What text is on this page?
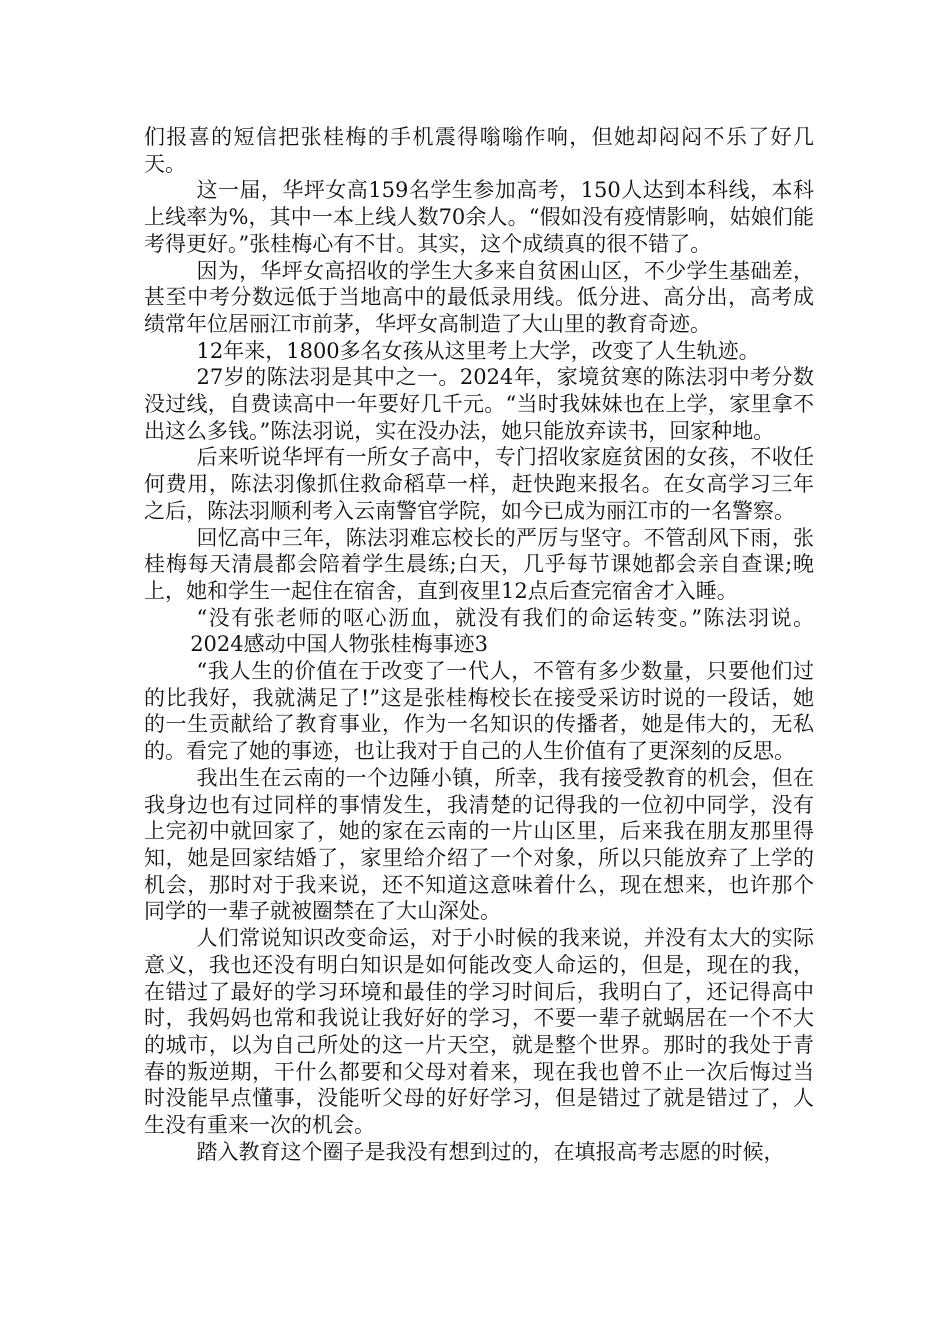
们报喜的短信把张桂梅的手机震得嗡嗡作响，但她却闷闷不乐了好几天。

这一届，华坪女高159名学生参加高考，150人达到本科线，本科上线率为%，其中一本上线人数70余人。“假如没有疫情影响，姑娘们能考得更好。”张桂梅心有不甘。其实，这个成绩真的很不错了。

因为，华坪女高招收的学生大多来自贫困山区，不少学生基础差，甚至中考分数远低于当地高中的最低录用线。低分进、高分出，高考成绩常年位居丽江市前茅，华坪女高制造了大山里的教育奇迹。

12年来，1800多名女孩从这里考上大学，改变了人生轨迹。

27岁的陈法羽是其中之一。2024年，家境贫寒的陈法羽中考分数没过线，自费读高中一年要好几千元。“当时我妹妹也在上学，家里拿不出这么多钱。”陈法羽说，实在没办法，她只能放弃读书，回家种地。

后来听说华坪有一所女子高中，专门招收家庭贫困的女孩，不收任何费用，陈法羽像抓住救命稻草一样，赶快跑来报名。在女高学习三年之后，陈法羽顺利考入云南警官学院，如今已成为丽江市的一名警察。

回忆高中三年，陈法羽难忘校长的严厉与坚守。不管刮风下雨，张桂梅每天清晨都会陪着学生晨练;白天，几乎每节课她都会亲自查课;晚上，她和学生一起住在宿舍，直到夜里12点后查完宿舍才入睡。

“没有张老师的呕心沥血，就没有我们的命运转变。”陈法羽说。2024感动中国人物张桂梅事迹3

“我人生的价值在于改变了一代人，不管有多少数量，只要他们过的比我好，我就满足了!”这是张桂梅校长在接受采访时说的一段话，她的一生贡献给了教育事业，作为一名知识的传播者，她是伟大的，无私的。看完了她的事迹，也让我对于自己的人生价值有了更深刻的反思。

我出生在云南的一个边陲小镇，所幸，我有接受教育的机会，但在我身边也有过同样的事情发生，我清楚的记得我的一位初中同学，没有上完初中就回家了，她的家在云南的一片山区里，后来我在朋友那里得知，她是回家结婚了，家里给介绍了一个对象，所以只能放弃了上学的机会，那时对于我来说，还不知道这意味着什么，现在想来，也许那个同学的一辈子就被圈禁在了大山深处。

人们常说知识改变命运，对于小时候的我来说，并没有太大的实际意义，我也还没有明白知识是如何能改变人命运的，但是，现在的我，在错过了最好的学习环境和最佳的学习时间后，我明白了，还记得高中时，我妈妈也常和我说让我好好的学习，不要一辈子就蜗居在一个不大的城市，以为自己所处的这一片天空，就是整个世界。那时的我处于青春的叛逆期，干什么都要和父母对着来，现在我也曾不止一次后悔过当时没能早点懂事，没能听父母的好好学习，但是错过了就是错过了，人生没有重来一次的机会。

踏入教育这个圈子是我没有想到过的，在填报高考志愿的时候，
